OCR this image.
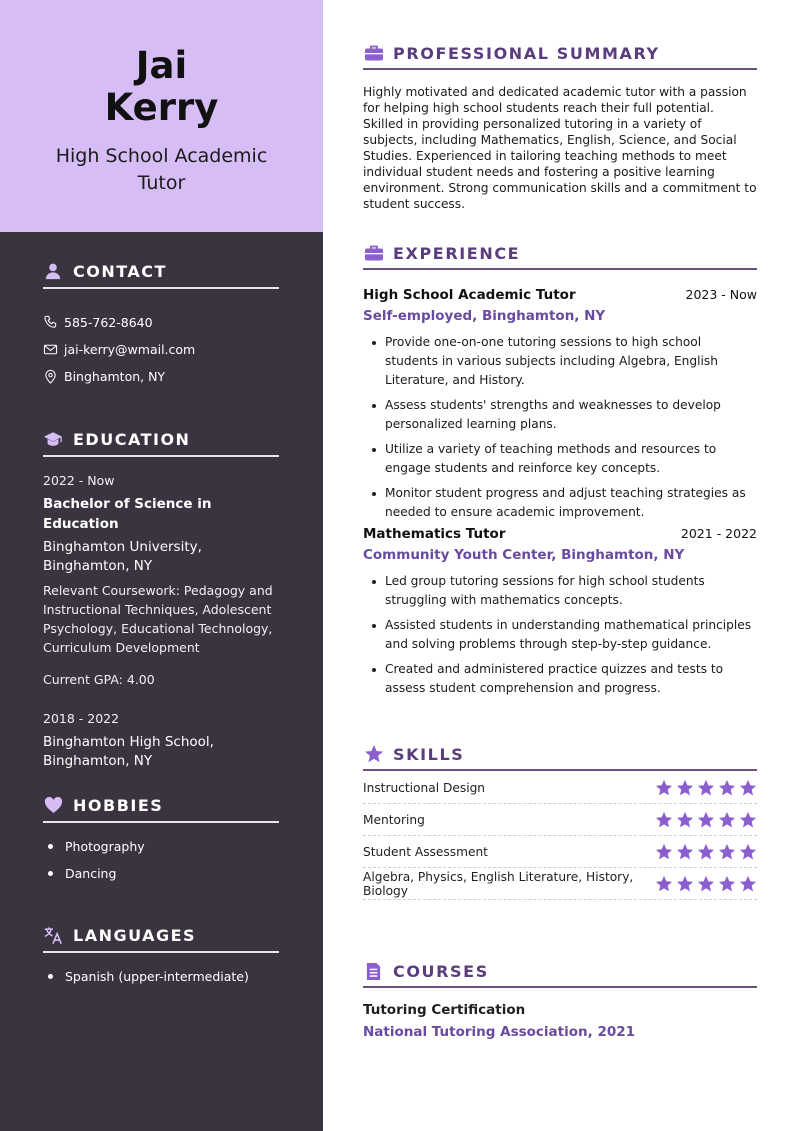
Jai
Kerry
High School Academic Tutor
CONTACT
585-762-8640
jai-kerry@wmail.com
Binghamton, NY
EDUCATION
2022 - Now
Bachelor of Science in Education
Binghamton University, Binghamton, NY
Relevant Coursework: Pedagogy and Instructional Techniques, Adolescent Psychology, Educational Technology, Curriculum Development
Current GPA: 4.00
2018 - 2022
Binghamton High School, Binghamton, NY
HOBBIES
Photography
Dancing
LANGUAGES
Spanish (upper-intermediate)
PROFESSIONAL SUMMARY

Highly motivated and dedicated academic tutor with a passion for helping high school students reach their full potential. Skilled in providing personalized tutoring in a variety of subjects, including Mathematics, English, Science, and Social Studies. Experienced in tailoring teaching methods to meet individual student needs and fostering a positive learning environment. Strong communication skills and a commitment to student success.

EXPERIENCE
High School Academic Tutor	2023 - Now
Self-employed, Binghamton, NY
Provide one-on-one tutoring sessions to high school students in various subjects including Algebra, English Literature, and History.
Assess students' strengths and weaknesses to develop personalized learning plans.
Utilize a variety of teaching methods and resources to engage students and reinforce key concepts.
Monitor student progress and adjust teaching strategies as needed to ensure academic improvement.
Mathematics Tutor	2021 - 2022
Community Youth Center, Binghamton, NY
Led group tutoring sessions for high school students struggling with mathematics concepts.
Assisted students in understanding mathematical principles and solving problems through step-by-step guidance.
Created and administered practice quizzes and tests to assess student comprehension and progress.
SKILLS
Instructional Design
Mentoring
Student Assessment
Algebra, Physics, English Literature, History, Biology
COURSES
Tutoring Certification
National Tutoring Association, 2021
